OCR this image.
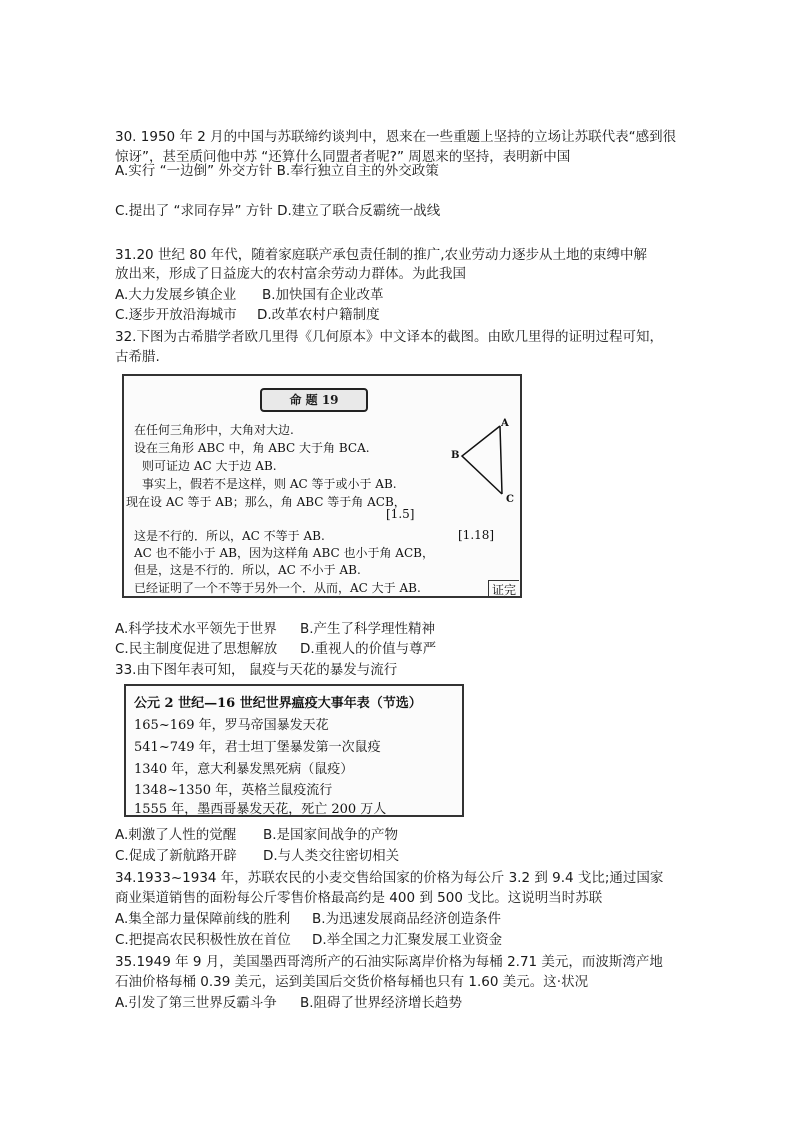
30. 1950 年 2 月的中国与苏联缔约谈判中，恩来在一些重题上坚持的立场让苏联代表“感到很
惊讶”，甚至质问他中苏 “还算什么同盟者者呢?” 周恩来的坚持，表明新中国
A.实行 “一边倒” 外交方针 B.奉行独立自主的外交政策
C.提出了 “求同存异” 方针 D.建立了联合反霸统一战线
31.20 世纪 80 年代，随着家庭联产承包责任制的推广,农业劳动力逐步从土地的束缚中解
放出来，形成了日益庞大的农村富余劳动力群体。为此我国
A.大力发展乡镇企业 B.加快国有企业改革
C.逐步开放沿海城市 D.改革农村户籍制度
32.下图为古希腊学者欧几里得《几何原本》中文译本的截图。由欧几里得的证明过程可知，
古希腊.
命 题 19
在任何三角形中，大角对大边.
设在三角形 ABC 中，角 ABC 大于角 BCA.
则可证边 AC 大于边 AB.
事实上，假若不是这样，则 AC 等于或小于 AB.
现在设 AC 等于 AB；那么，角 ABC 等于角 ACB，
[1.5]
这是不行的．所以，AC 不等于 AB.
AC 也不能小于 AB，因为这样角 ABC 也小于角 ACB，
[1.18]
但是，这是不行的．所以，AC 不小于 AB.
已经证明了一个不等于另外一个．从而，AC 大于 AB.	证完
A
B
C
A.科学技术水平领先于世界 B.产生了科学理性精神
C.民主制度促进了思想解放 D.重视人的价值与尊严
33.由下图年表可知， 鼠疫与天花的暴发与流行
公元 2 世纪—16 世纪世界瘟疫大事年表（节选）
165~169 年，罗马帝国暴发天花
541~749 年，君士坦丁堡暴发第一次鼠疫
1340 年，意大利暴发黑死病（鼠疫）
1348~1350 年，英格兰鼠疫流行
1555 年，墨西哥暴发天花，死亡 200 万人
A.刺激了人性的觉醒 B.是国家间战争的产物
C.促成了新航路开辟 D.与人类交往密切相关
34.1933~1934 年，苏联农民的小麦交售给国家的价格为每公斤 3.2 到 9.4 戈比;通过国家
商业渠道销售的面粉每公斤零售价格最高约是 400 到 500 戈比。这说明当时苏联
A.集全部力量保障前线的胜利 B.为迅速发展商品经济创造条件
C.把提高农民积极性放在首位 D.举全国之力汇聚发展工业资金
35.1949 年 9 月，美国墨西哥湾所产的石油实际离岸价格为每桶 2.71 美元，而波斯湾产地
石油价格每桶 0.39 美元，运到美国后交货价格每桶也只有 1.60 美元。这·状况
A.引发了第三世界反霸斗争 B.阻碍了世界经济增长趋势
